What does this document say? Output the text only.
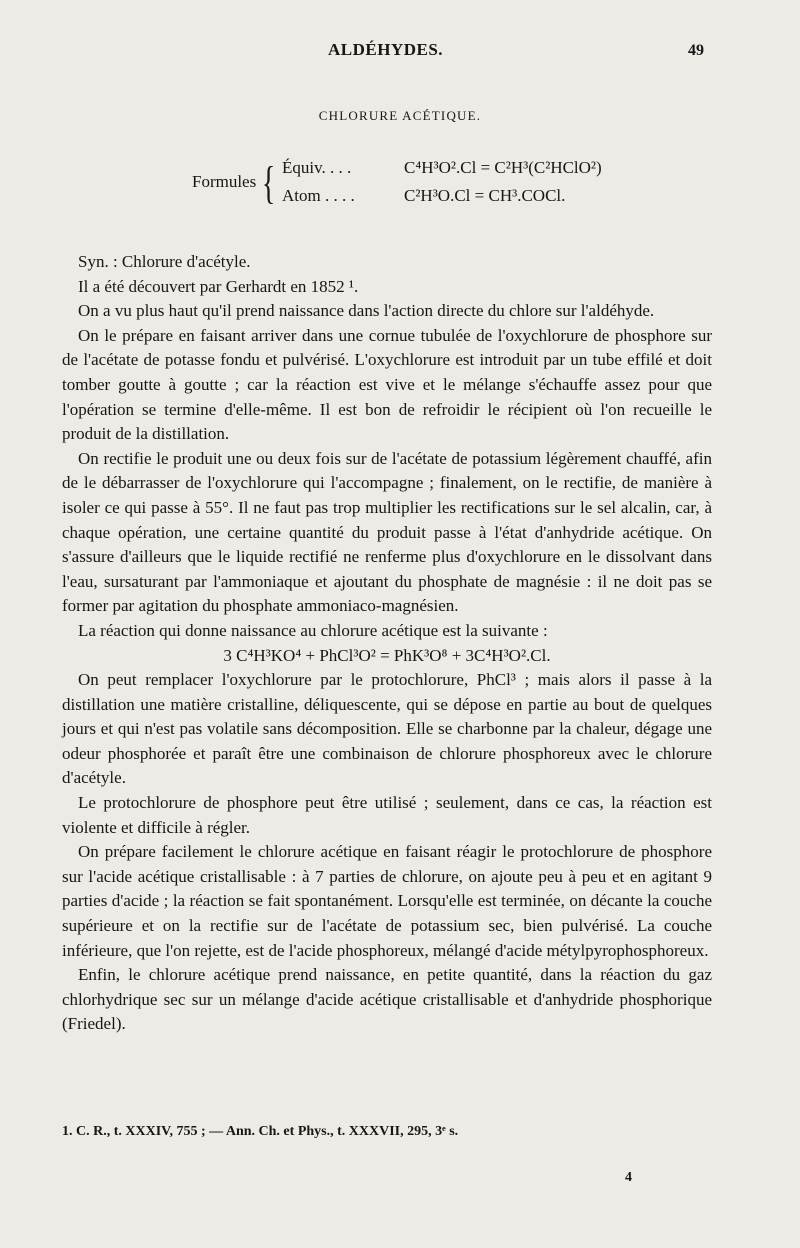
ALDÉHYDES.	49
CHLORURE ACÉTIQUE.
Formules { Équiv. . . .	C⁴H³O².Cl = C²H³(C²HClO²)
Atom . . . .	C²H³O.Cl = CH³.COCl.

Syn. : Chlorure d'acétyle.

Il a été découvert par Gerhardt en 1852 ¹.

On a vu plus haut qu'il prend naissance dans l'action directe du chlore sur l'aldéhyde.

On le prépare en faisant arriver dans une cornue tubulée de l'oxychlorure de phosphore sur de l'acétate de potasse fondu et pulvérisé. L'oxychlorure est introduit par un tube effilé et doit tomber goutte à goutte ; car la réaction est vive et le mélange s'échauffe assez pour que l'opération se termine d'elle-même. Il est bon de refroidir le récipient où l'on recueille le produit de la distillation.

On rectifie le produit une ou deux fois sur de l'acétate de potassium légèrement chauffé, afin de le débarrasser de l'oxychlorure qui l'accompagne ; finalement, on le rectifie, de manière à isoler ce qui passe à 55°. Il ne faut pas trop multiplier les rectifications sur le sel alcalin, car, à chaque opération, une certaine quantité du produit passe à l'état d'anhydride acétique. On s'assure d'ailleurs que le liquide rectifié ne renferme plus d'oxychlorure en le dissolvant dans l'eau, sursaturant par l'ammoniaque et ajoutant du phosphate de magnésie : il ne doit pas se former par agitation du phosphate ammoniaco-magnésien.

La réaction qui donne naissance au chlorure acétique est la suivante :

3 C⁴H³KO⁴ + PhCl³O² = PhK³O⁸ + 3C⁴H³O².Cl.

On peut remplacer l'oxychlorure par le protochlorure, PhCl³ ; mais alors il passe à la distillation une matière cristalline, déliquescente, qui se dépose en partie au bout de quelques jours et qui n'est pas volatile sans décomposition. Elle se charbonne par la chaleur, dégage une odeur phosphorée et paraît être une combinaison de chlorure phosphoreux avec le chlorure d'acétyle.

Le protochlorure de phosphore peut être utilisé ; seulement, dans ce cas, la réaction est violente et difficile à régler.

On prépare facilement le chlorure acétique en faisant réagir le protochlorure de phosphore sur l'acide acétique cristallisable : à 7 parties de chlorure, on ajoute peu à peu et en agitant 9 parties d'acide ; la réaction se fait spontanément. Lorsqu'elle est terminée, on décante la couche supérieure et on la rectifie sur de l'acétate de potassium sec, bien pulvérisé. La couche inférieure, que l'on rejette, est de l'acide phosphoreux, mélangé d'acide métylpyrophosphoreux.

Enfin, le chlorure acétique prend naissance, en petite quantité, dans la réaction du gaz chlorhydrique sec sur un mélange d'acide acétique cristallisable et d'anhydride phosphorique (Friedel).

1. C. R., t. XXXIV, 755 ; — Ann. Ch. et Phys., t. XXXVII, 295, 3ᵉ s.
4
